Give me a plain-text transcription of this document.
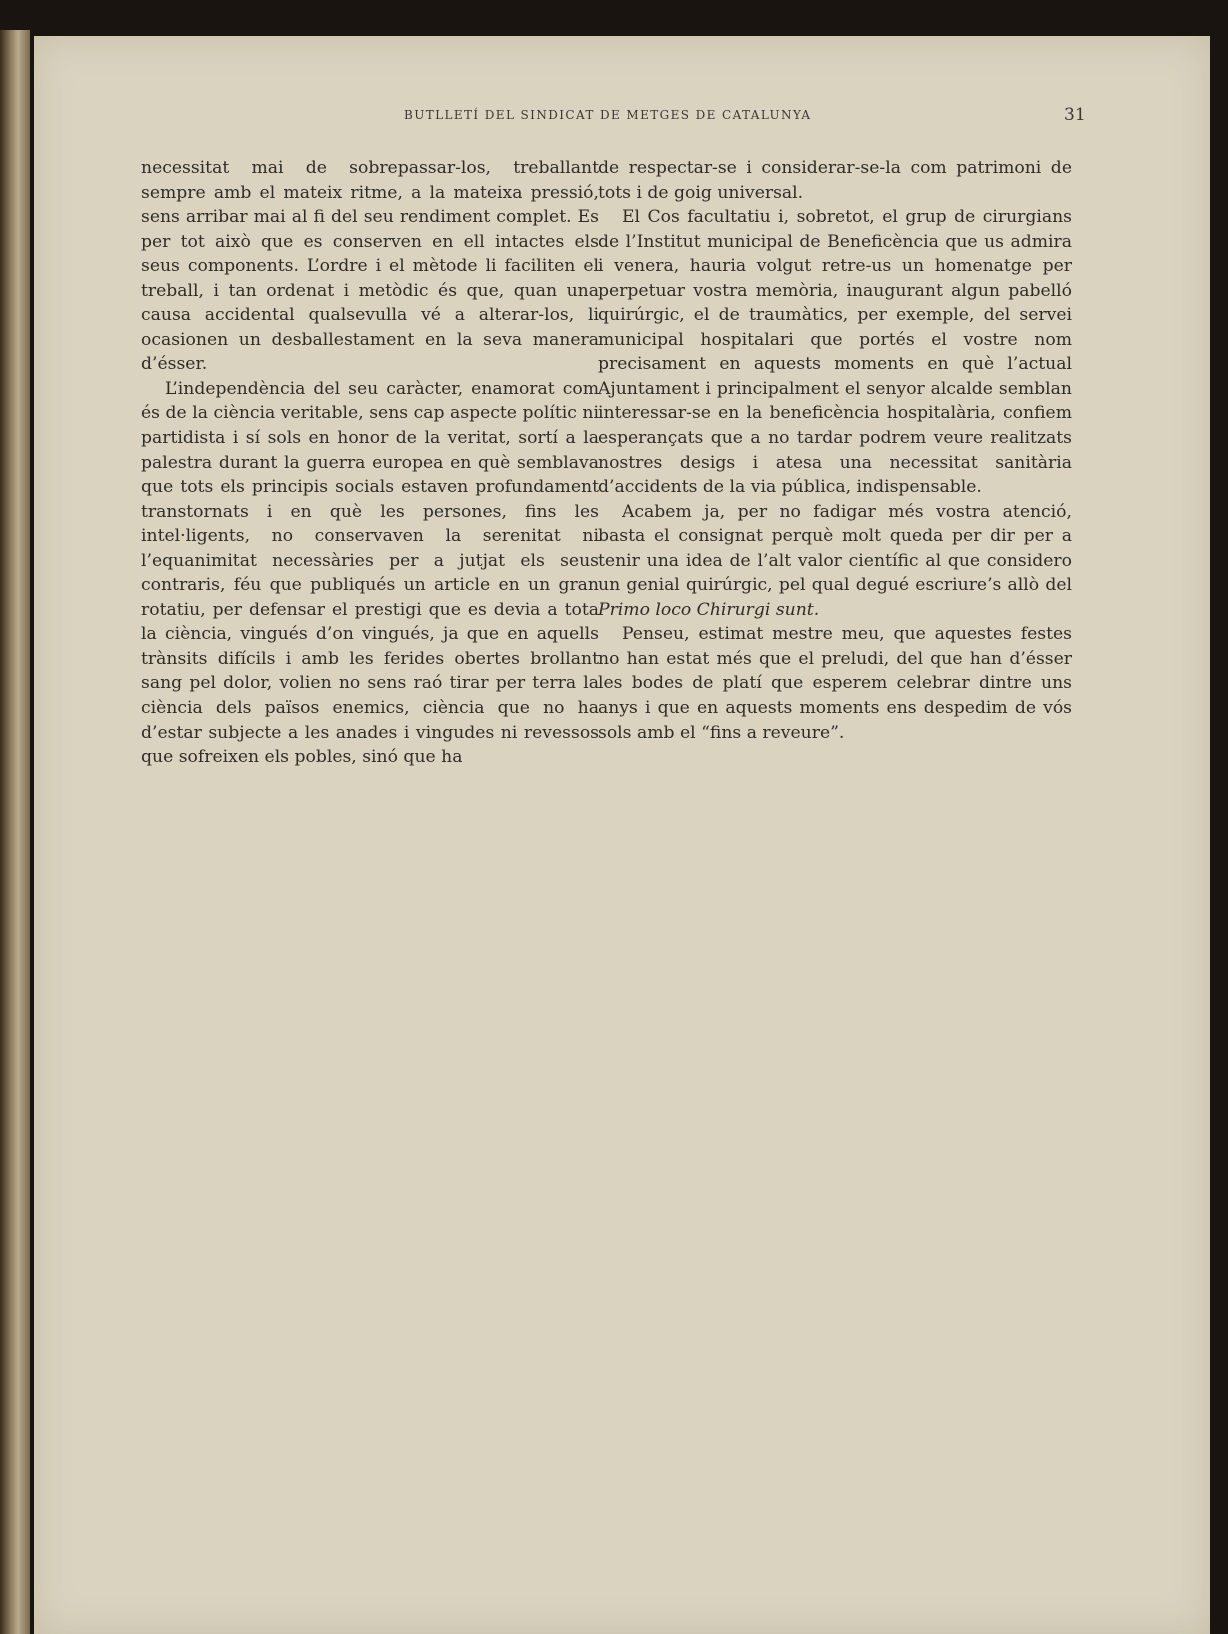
BUTLLETÍ DEL SINDICAT DE METGES DE CATALUNYA	31

necessitat mai de sobrepassar-los, treballant sempre amb el mateix ritme, a la mateixa pressió, sens arribar mai al fi del seu rendiment complet. Es per tot això que es conserven en ell intactes els seus components. L’ordre i el mètode li faciliten el treball, i tan ordenat i metòdic és que, quan una causa accidental qualsevulla vé a alterar-los, li ocasionen un desballestament en la seva manera d’ésser.

L’independència del seu caràcter, enamorat com és de la ciència veritable, sens cap aspecte polític ni partidista i sí sols en honor de la veritat, sortí a la palestra durant la guerra europea en què semblava que tots els principis socials estaven profundament transtornats i en què les persones, fins les intel·ligents, no conservaven la serenitat ni l’equanimitat necessàries per a jutjat els seus contraris, féu que publiqués un article en un gran rotatiu, per defensar el prestigi que es devia a tota la ciència, vingués d’on vingués, ja que en aquells trànsits difícils i amb les ferides obertes brollant sang pel dolor, volien no sens raó tirar per terra la ciència dels països enemics, ciència que no ha d’estar subjecte a les anades i vingudes ni revessos que sofreixen els pobles, sinó que ha

de respectar-se i considerar-se-la com patrimoni de tots i de goig universal.

El Cos facultatiu i, sobretot, el grup de cirurgians de l’Institut municipal de Beneficència que us admira i venera, hauria volgut retre-us un homenatge per perpetuar vostra memòria, inaugurant algun pabelló quirúrgic, el de traumàtics, per exemple, del servei municipal hospitalari que portés el vostre nom precisament en aquests moments en què l’actual Ajuntament i principalment el senyor alcalde semblan interessar-se en la beneficència hospitalària, confiem esperançats que a no tardar podrem veure realitzats nostres desigs i atesa una necessitat sanitària d’accidents de la via pública, indispensable.

Acabem ja, per no fadigar més vostra atenció, basta el consignat perquè molt queda per dir per a tenir una idea de l’alt valor científic al que considero un genial quirúrgic, pel qual degué escriure’s allò del Primo loco Chirurgi sunt.

Penseu, estimat mestre meu, que aquestes festes no han estat més que el preludi, del que han d’ésser les bodes de platí que esperem celebrar dintre uns anys i que en aquests moments ens despedim de vós sols amb el “fins a reveure”.
